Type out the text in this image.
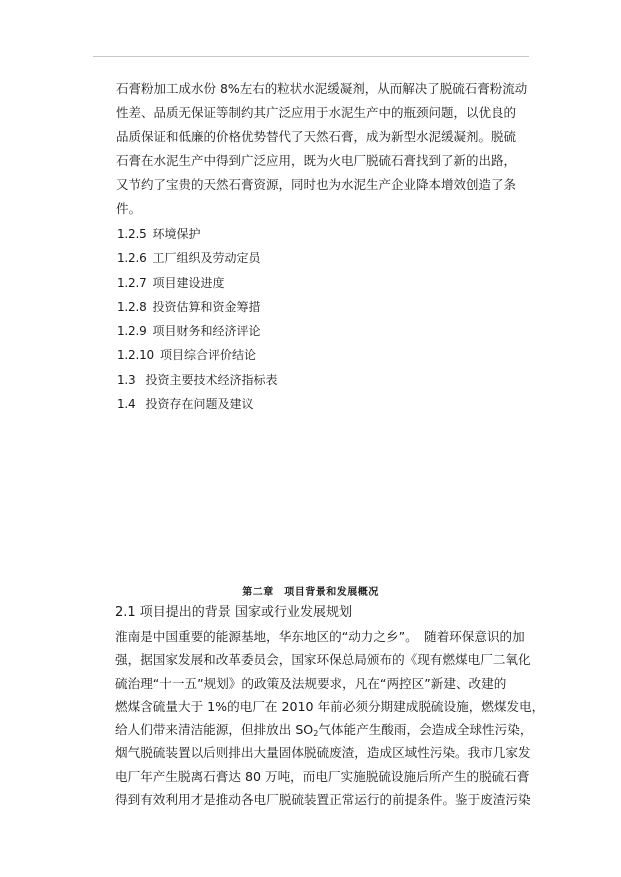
石膏粉加工成水份 8%左右的粒状水泥缓凝剂，从而解决了脱硫石膏粉流动
性差、品质无保证等制约其广泛应用于水泥生产中的瓶颈问题，以优良的
品质保证和低廉的价格优势替代了天然石膏，成为新型水泥缓凝剂。脱硫
石膏在水泥生产中得到广泛应用，既为火电厂脱硫石膏找到了新的出路，
又节约了宝贵的天然石膏资源，同时也为水泥生产企业降本增效创造了条
件。
1.2.5 环境保护
1.2.6 工厂组织及劳动定员
1.2.7 项目建设进度
1.2.8 投资估算和资金筹措
1.2.9 项目财务和经济评论
1.2.10 项目综合评价结论
1.3 投资主要技术经济指标表
1.4 投资存在问题及建议
第二章　项目背景和发展概况
2.1 项目提出的背景 国家或行业发展规划
淮南是中国重要的能源基地，华东地区的“动力之乡”。　随着环保意识的加
强，据国家发展和改革委员会，国家环保总局颁布的《现有燃煤电厂二氧化
硫治理“十一五”规划》的政策及法规要求，凡在“两控区”新建、改建的
燃煤含硫量大于 1%的电厂在 2010 年前必须分期建成脱硫设施，燃煤发电，
给人们带来清洁能源，但排放出 $SO_2$气体能产生酸雨，会造成全球性污染，
烟气脱硫装置以后则排出大量固体脱硫废渣，造成区域性污染。我市几家发
电厂年产生脱离石膏达 80 万吨，而电厂实施脱硫设施后所产生的脱硫石膏
得到有效利用才是推动各电厂脱硫装置正常运行的前提条件。鉴于废渣污染
